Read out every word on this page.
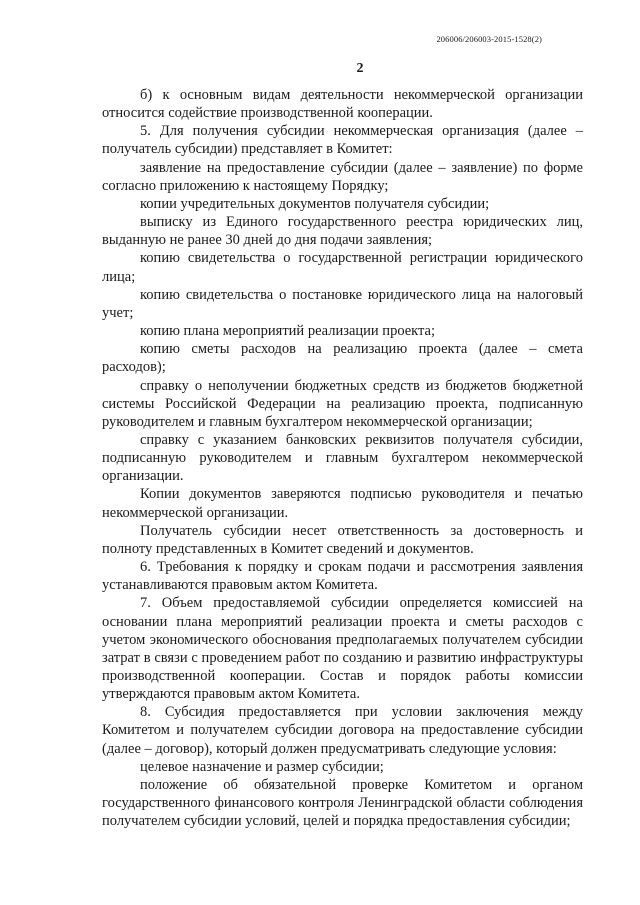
206006/206003-2015-1528(2)
2

б) к основным видам деятельности некоммерческой организации относится содействие производственной кооперации.

5. Для получения субсидии некоммерческая организация (далее – получатель субсидии) представляет в Комитет:

заявление на предоставление субсидии (далее – заявление) по форме согласно приложению к настоящему Порядку;

копии учредительных документов получателя субсидии;

выписку из Единого государственного реестра юридических лиц, выданную не ранее 30 дней до дня подачи заявления;

копию свидетельства о государственной регистрации юридического лица;

копию свидетельства о постановке юридического лица на налоговый учет;

копию плана мероприятий реализации проекта;

копию сметы расходов на реализацию проекта (далее – смета расходов);

справку о неполучении бюджетных средств из бюджетов бюджетной системы Российской Федерации на реализацию проекта, подписанную руководителем и главным бухгалтером некоммерческой организации;

справку с указанием банковских реквизитов получателя субсидии, подписанную руководителем и главным бухгалтером некоммерческой организации.

Копии документов заверяются подписью руководителя и печатью некоммерческой организации.

Получатель субсидии несет ответственность за достоверность и полноту представленных в Комитет сведений и документов.

6. Требования к порядку и срокам подачи и рассмотрения заявления устанавливаются правовым актом Комитета.

7. Объем предоставляемой субсидии определяется комиссией на основании плана мероприятий реализации проекта и сметы расходов с учетом экономического обоснования предполагаемых получателем субсидии затрат в связи с проведением работ по созданию и развитию инфраструктуры производственной кооперации. Состав и порядок работы комиссии утверждаются правовым актом Комитета.

8. Субсидия предоставляется при условии заключения между Комитетом и получателем субсидии договора на предоставление субсидии (далее – договор), который должен предусматривать следующие условия:

целевое назначение и размер субсидии;

положение об обязательной проверке Комитетом и органом государственного финансового контроля Ленинградской области соблюдения получателем субсидии условий, целей и порядка предоставления субсидии;
